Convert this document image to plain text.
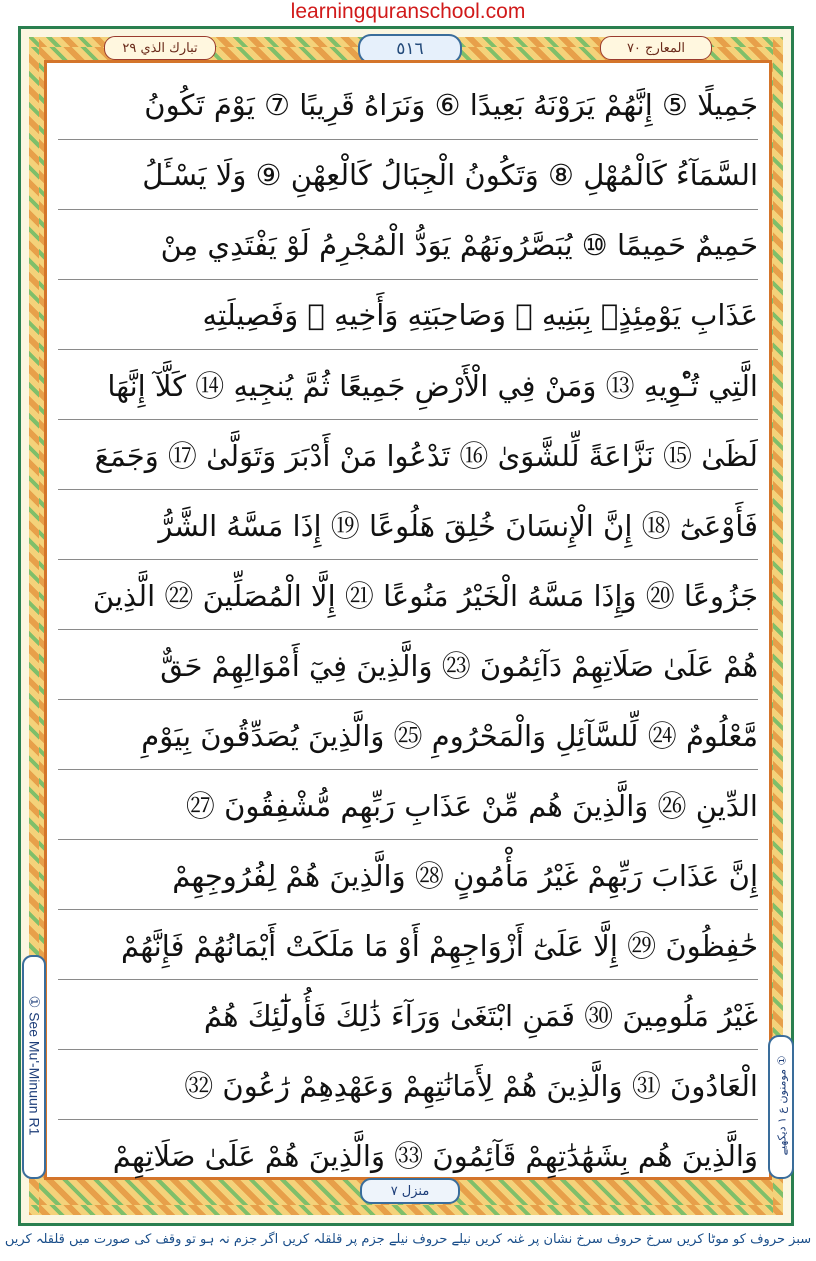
learningquranschool.com
تبارك الذي ٢٩	٥١٦	المعارج ٧٠
جَمِيلًا ⑤ إِنَّهُمْ يَرَوْنَهُ بَعِيدًا ⑥ وَنَرَاهُ قَرِيبًا ⑦ يَوْمَ تَكُونُ
السَّمَآءُ كَالْمُهْلِ ⑧ وَتَكُونُ الْجِبَالُ كَالْعِهْنِ ⑨ وَلَا يَسْـَٔلُ
حَمِيمٌ حَمِيمًا ⑩ يُبَصَّرُونَهُمْ يَوَدُّ الْمُجْرِمُ لَوْ يَفْتَدِي مِنْ
عَذَابِ يَوْمِئِذٍۭ بِبَنِيهِ ⑪ وَصَاحِبَتِهِ وَأَخِيهِ ⑫ وَفَصِيلَتِهِ
الَّتِي تُـْٔوِيهِ ⑬ وَمَنْ فِي الْأَرْضِ جَمِيعًا ثُمَّ يُنجِيهِ ⑭ كَلَّآ إِنَّهَا
لَظَىٰ ⑮ نَزَّاعَةً لِّلشَّوَىٰ ⑯ تَدْعُوا مَنْ أَدْبَرَ وَتَوَلَّىٰ ⑰ وَجَمَعَ
فَأَوْعَىٰٓ ⑱ إِنَّ الْإِنسَانَ خُلِقَ هَلُوعًا ⑲ إِذَا مَسَّهُ الشَّرُّ
جَزُوعًا ⑳ وَإِذَا مَسَّهُ الْخَيْرُ مَنُوعًا ㉑ إِلَّا الْمُصَلِّينَ ㉒ الَّذِينَ
هُمْ عَلَىٰ صَلَاتِهِمْ دَآئِمُونَ ㉓ وَالَّذِينَ فِيٓ أَمْوَالِهِمْ حَقٌّ
مَّعْلُومٌ ㉔ لِّلسَّآئِلِ وَالْمَحْرُومِ ㉕ وَالَّذِينَ يُصَدِّقُونَ بِيَوْمِ
الدِّينِ ㉖ وَالَّذِينَ هُم مِّنْ عَذَابِ رَبِّهِم مُّشْفِقُونَ ㉗
إِنَّ عَذَابَ رَبِّهِمْ غَيْرُ مَأْمُونٍ ㉘ وَالَّذِينَ هُمْ لِفُرُوجِهِمْ
حَٰفِظُونَ ㉙ إِلَّا عَلَىٰٓ أَزْوَاجِهِمْ أَوْ مَا مَلَكَتْ أَيْمَانُهُمْ فَإِنَّهُمْ
غَيْرُ مَلُومِينَ ㉚ فَمَنِ ابْتَغَىٰ وَرَآءَ ذَٰلِكَ فَأُولَٰٓئِكَ هُمُ
الْعَادُونَ ㉛ وَالَّذِينَ هُمْ لِأَمَانَٰتِهِمْ وَعَهْدِهِمْ رَٰعُونَ ㉜
وَالَّذِينَ هُم بِشَهَٰدَٰتِهِمْ قَآئِمُونَ ㉝ وَالَّذِينَ هُمْ عَلَىٰ صَلَاتِهِمْ
① See Mu'-Minuun R1
① مومنون ع ١ دیکھیے
منزل ٧
سبز حروف کو موٹا کریں سرخ حروف سرخ نشان پر غنہ کریں نیلے حروف نیلے جزم پر قلقلہ کریں اگر جزم نہ ہو تو وقف کی صورت میں قلقلہ کریں
